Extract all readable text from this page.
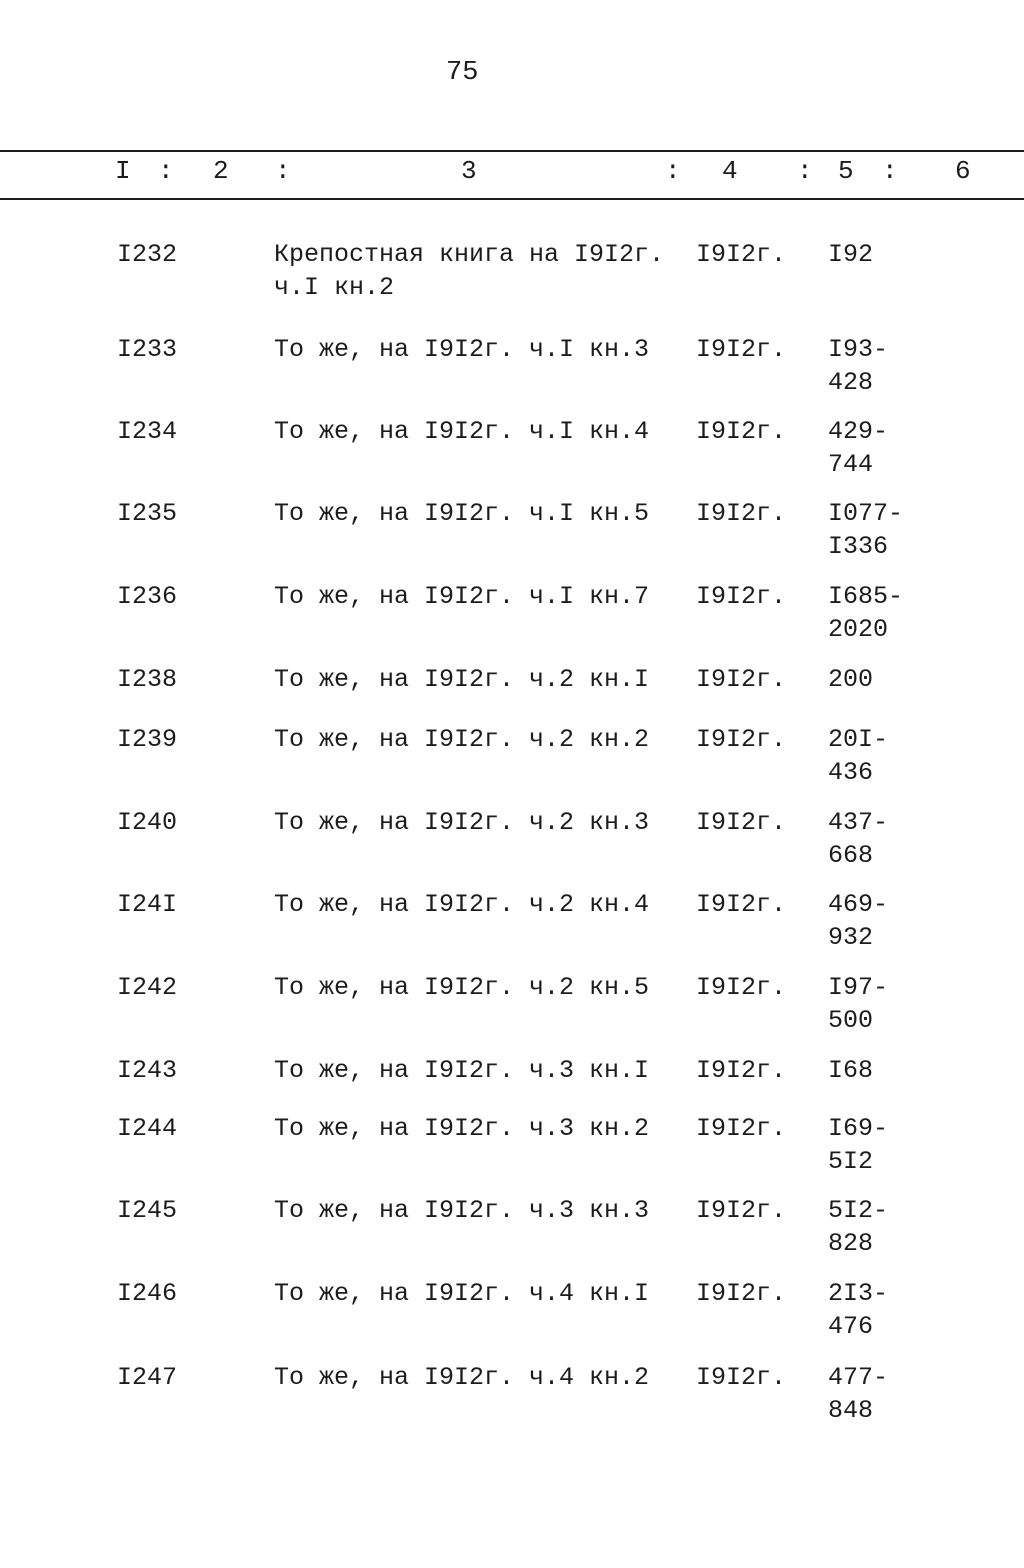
75
I : 2 :	3	: 4 : 5 : 6
I232	Крепостная книга на I9I2г.
ч.I кн.2
I9I2г. I92
I233	То же, на I9I2г. ч.I кн.3	I9I2г. I93-
428
I234	То же, на I9I2г. ч.I кн.4	I9I2г. 429-
744
I235	То же, на I9I2г. ч.I кн.5	I9I2г. I077-
I336
I236	То же, на I9I2г. ч.I кн.7	I9I2г. I685-
2020
I238	То же, на I9I2г. ч.2 кн.I	I9I2г. 200
I239	То же, на I9I2г. ч.2 кн.2	I9I2г. 20I-
436
I240	То же, на I9I2г. ч.2 кн.3	I9I2г. 437-
668
I24I	То же, на I9I2г. ч.2 кн.4	I9I2г. 469-
932
I242	То же, на I9I2г. ч.2 кн.5	I9I2г. I97-
500
I243	То же, на I9I2г. ч.3 кн.I	I9I2г. I68
I244	То же, на I9I2г. ч.3 кн.2	I9I2г. I69-
5I2
I245	То же, на I9I2г. ч.3 кн.3	I9I2г. 5I2-
828
I246	То же, на I9I2г. ч.4 кн.I	I9I2г. 2I3-
476
I247	То же, на I9I2г. ч.4 кн.2	I9I2г. 477-
848
